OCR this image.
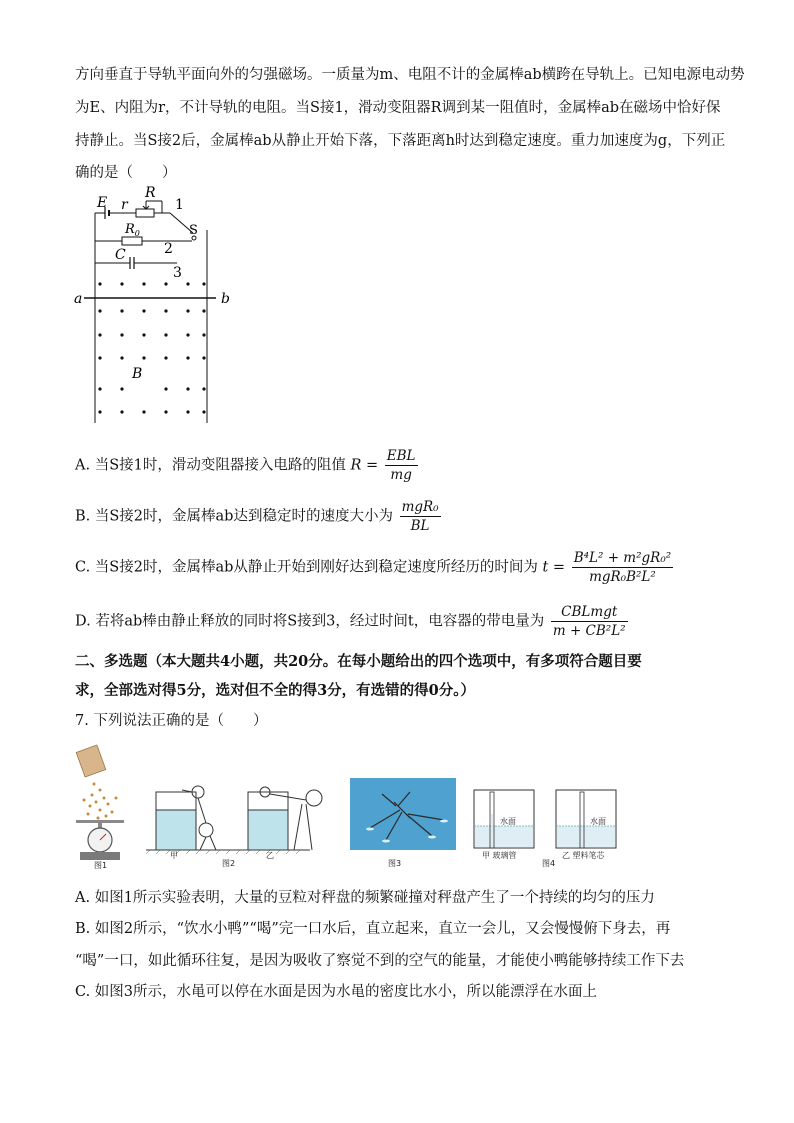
方向垂直于导轨平面向外的匀强磁场。一质量为m、电阻不计的金属棒ab横跨在导轨上。已知电源电动势
为E、内阻为r，不计导轨的电阻。当S接1，滑动变阻器R调到某一阻值时，金属棒ab在磁场中恰好保
持静止。当S接2后，金属棒ab从静止开始下落，下落距离h时达到稳定速度。重力加速度为g，下列正
确的是（　　）
E r
R
1
S
$R_0$
2
C
3
a	b
B
A. 当S接1时，滑动变阻器接入电路的阻值 $R = \frac{\text{EBL}}{mg}$
B. 当S接2时，金属棒ab达到稳定时的速度大小为 $\frac{\text{mgR₀}}{BL}$
C. 当S接2时，金属棒ab从静止开始到刚好达到稳定速度所经历的时间为 $t = \frac{\text{B⁴L² + m²gR₀²}}{\text{mgR₀B²L²}}$
D. 若将ab棒由静止释放的同时将S接到3，经过时间t，电容器的带电量为 $\frac{\text{CBLmgt}}{\text{m + CB²L²}}$
二、多选题（本大题共4小题，共20分。在每小题给出的四个选项中，有多项符合题目要
求，全部选对得5分，选对但不全的得3分，有选错的得0分。）
7. 下列说法正确的是（　　）
图1
甲
图2
乙
图3
水面
甲 玻璃管
水面
乙 塑料笔芯
图4
A. 如图1所示实验表明，大量的豆粒对秤盘的频繁碰撞对秤盘产生了一个持续的均匀的压力
B. 如图2所示，“饮水小鸭”“喝”完一口水后，直立起来，直立一会儿，又会慢慢俯下身去，再
“喝”一口，如此循环往复，是因为吸收了察觉不到的空气的能量，才能使小鸭能够持续工作下去
C. 如图3所示，水黾可以停在水面是因为水黾的密度比水小，所以能漂浮在水面上
